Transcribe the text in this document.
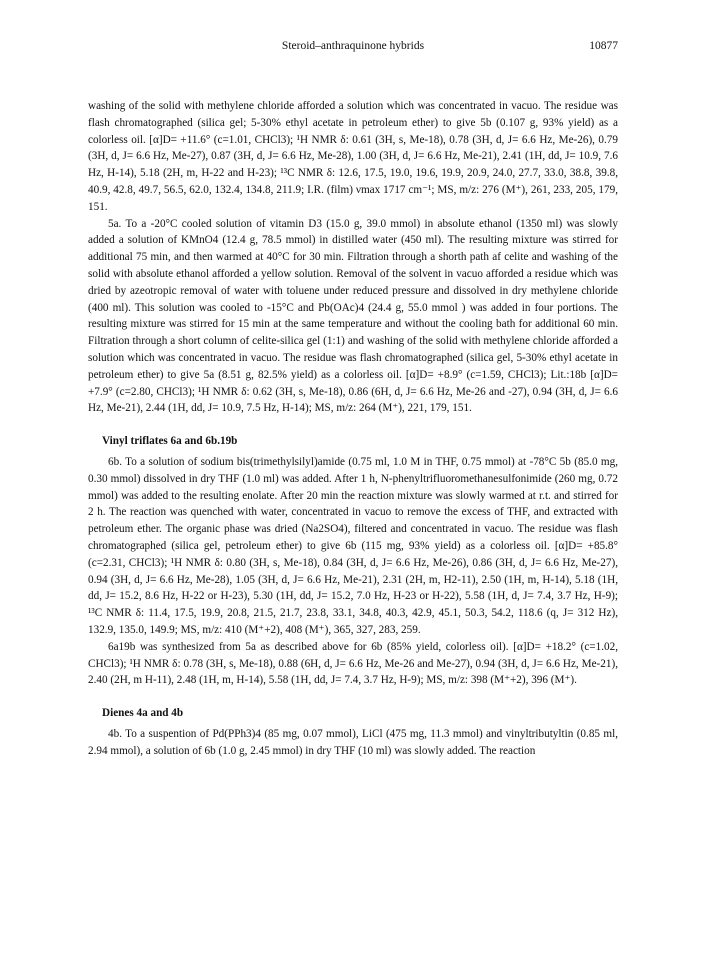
Steroid–anthraquinone hybrids	10877

washing of the solid with methylene chloride afforded a solution which was concentrated in vacuo. The residue was flash chromatographed (silica gel; 5-30% ethyl acetate in petroleum ether) to give 5b (0.107 g, 93% yield) as a colorless oil. [α]D= +11.6° (c=1.01, CHCl3); ¹H NMR δ: 0.61 (3H, s, Me-18), 0.78 (3H, d, J= 6.6 Hz, Me-26), 0.79 (3H, d, J= 6.6 Hz, Me-27), 0.87 (3H, d, J= 6.6 Hz, Me-28), 1.00 (3H, d, J= 6.6 Hz, Me-21), 2.41 (1H, dd, J= 10.9, 7.6 Hz, H-14), 5.18 (2H, m, H-22 and H-23); ¹³C NMR δ: 12.6, 17.5, 19.0, 19.6, 19.9, 20.9, 24.0, 27.7, 33.0, 38.8, 39.8, 40.9, 42.8, 49.7, 56.5, 62.0, 132.4, 134.8, 211.9; I.R. (film) νmax 1717 cm⁻¹; MS, m/z: 276 (M⁺), 261, 233, 205, 179, 151.

5a. To a -20°C cooled solution of vitamin D3 (15.0 g, 39.0 mmol) in absolute ethanol (1350 ml) was slowly added a solution of KMnO4 (12.4 g, 78.5 mmol) in distilled water (450 ml). The resulting mixture was stirred for additional 75 min, and then warmed at 40°C for 30 min. Filtration through a shorth path af celite and washing of the solid with absolute ethanol afforded a yellow solution. Removal of the solvent in vacuo afforded a residue which was dried by azeotropic removal of water with toluene under reduced pressure and dissolved in dry methylene chloride (400 ml). This solution was cooled to -15°C and Pb(OAc)4 (24.4 g, 55.0 mmol ) was added in four portions. The resulting mixture was stirred for 15 min at the same temperature and without the cooling bath for additional 60 min. Filtration through a short column of celite-silica gel (1:1) and washing of the solid with methylene chloride afforded a solution which was concentrated in vacuo. The residue was flash chromatographed (silica gel, 5-30% ethyl acetate in petroleum ether) to give 5a (8.51 g, 82.5% yield) as a colorless oil. [α]D= +8.9° (c=1.59, CHCl3); Lit.:18b [α]D= +7.9° (c=2.80, CHCl3); ¹H NMR δ: 0.62 (3H, s, Me-18), 0.86 (6H, d, J= 6.6 Hz, Me-26 and -27), 0.94 (3H, d, J= 6.6 Hz, Me-21), 2.44 (1H, dd, J= 10.9, 7.5 Hz, H-14); MS, m/z: 264 (M⁺), 221, 179, 151.

Vinyl triflates 6a and 6b.19b

6b. To a solution of sodium bis(trimethylsilyl)amide (0.75 ml, 1.0 M in THF, 0.75 mmol) at -78°C 5b (85.0 mg, 0.30 mmol) dissolved in dry THF (1.0 ml) was added. After 1 h, N-phenyltrifluoromethanesulfonimide (260 mg, 0.72 mmol) was added to the resulting enolate. After 20 min the reaction mixture was slowly warmed at r.t. and stirred for 2 h. The reaction was quenched with water, concentrated in vacuo to remove the excess of THF, and extracted with petroleum ether. The organic phase was dried (Na2SO4), filtered and concentrated in vacuo. The residue was flash chromatographed (silica gel, petroleum ether) to give 6b (115 mg, 93% yield) as a colorless oil. [α]D= +85.8° (c=2.31, CHCl3); ¹H NMR δ: 0.80 (3H, s, Me-18), 0.84 (3H, d, J= 6.6 Hz, Me-26), 0.86 (3H, d, J= 6.6 Hz, Me-27), 0.94 (3H, d, J= 6.6 Hz, Me-28), 1.05 (3H, d, J= 6.6 Hz, Me-21), 2.31 (2H, m, H2-11), 2.50 (1H, m, H-14), 5.18 (1H, dd, J= 15.2, 8.6 Hz, H-22 or H-23), 5.30 (1H, dd, J= 15.2, 7.0 Hz, H-23 or H-22), 5.58 (1H, d, J= 7.4, 3.7 Hz, H-9); ¹³C NMR δ: 11.4, 17.5, 19.9, 20.8, 21.5, 21.7, 23.8, 33.1, 34.8, 40.3, 42.9, 45.1, 50.3, 54.2, 118.6 (q, J= 312 Hz), 132.9, 135.0, 149.9; MS, m/z: 410 (M⁺+2), 408 (M⁺), 365, 327, 283, 259.

6a19b was synthesized from 5a as described above for 6b (85% yield, colorless oil). [α]D= +18.2° (c=1.02, CHCl3); ¹H NMR δ: 0.78 (3H, s, Me-18), 0.88 (6H, d, J= 6.6 Hz, Me-26 and Me-27), 0.94 (3H, d, J= 6.6 Hz, Me-21), 2.40 (2H, m H-11), 2.48 (1H, m, H-14), 5.58 (1H, dd, J= 7.4, 3.7 Hz, H-9); MS, m/z: 398 (M⁺+2), 396 (M⁺).

Dienes 4a and 4b

4b. To a suspention of Pd(PPh3)4 (85 mg, 0.07 mmol), LiCl (475 mg, 11.3 mmol) and vinyltributyltin (0.85 ml, 2.94 mmol), a solution of 6b (1.0 g, 2.45 mmol) in dry THF (10 ml) was slowly added. The reaction
